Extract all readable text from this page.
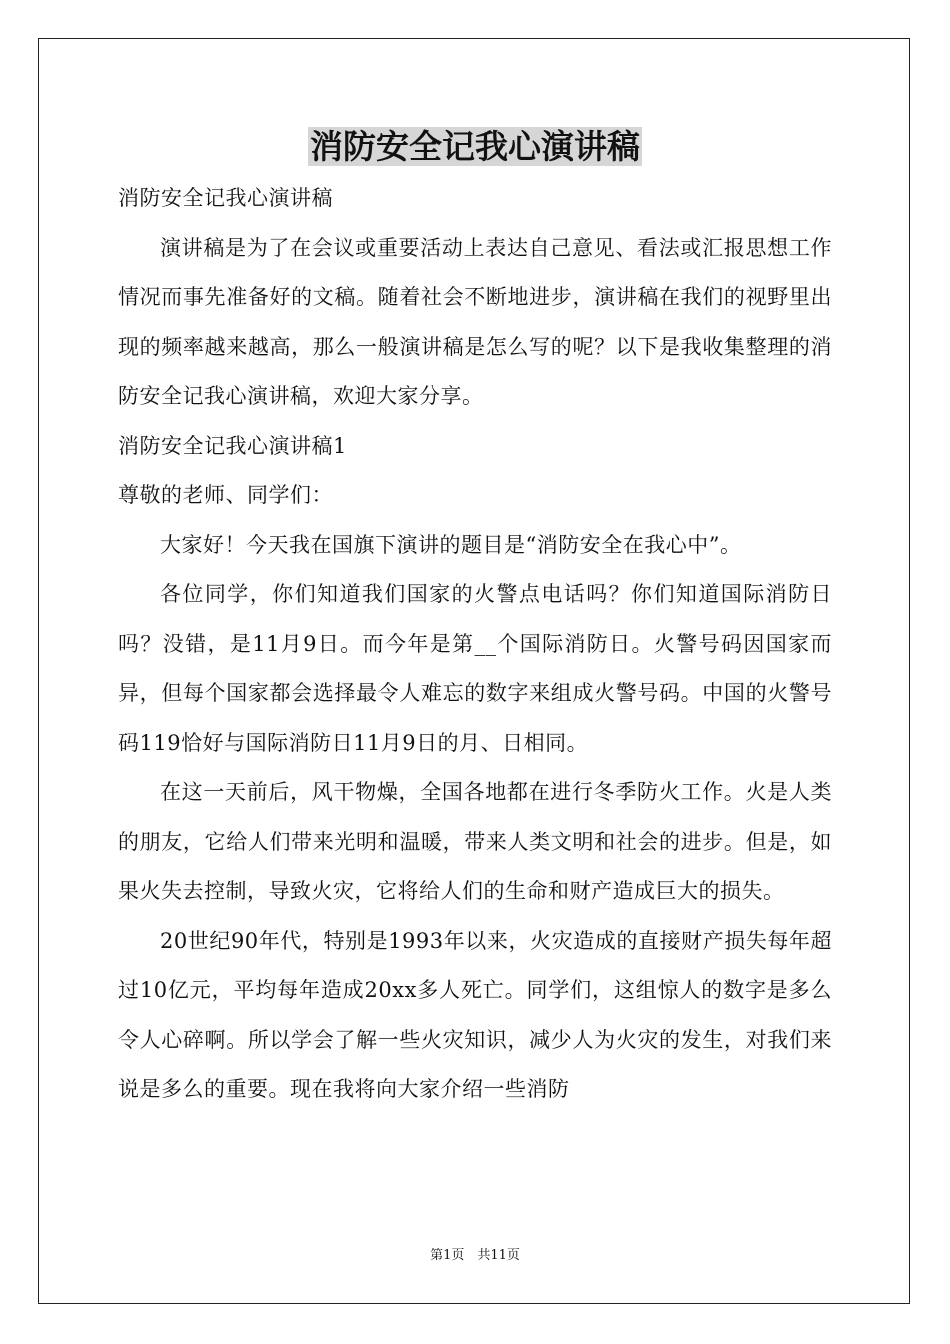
消防安全记我心演讲稿

消防安全记我心演讲稿

演讲稿是为了在会议或重要活动上表达自己意见、看法或汇报思想工作情况而事先准备好的文稿。随着社会不断地进步，演讲稿在我们的视野里出现的频率越来越高，那么一般演讲稿是怎么写的呢？以下是我收集整理的消防安全记我心演讲稿，欢迎大家分享。

消防安全记我心演讲稿1

尊敬的老师、同学们：

大家好！今天我在国旗下演讲的题目是“消防安全在我心中”。

各位同学，你们知道我们国家的火警点电话吗？你们知道国际消防日吗？没错，是11月9日。而今年是第__个国际消防日。火警号码因国家而异，但每个国家都会选择最令人难忘的数字来组成火警号码。中国的火警号码119恰好与国际消防日11月9日的月、日相同。

在这一天前后，风干物燥，全国各地都在进行冬季防火工作。火是人类的朋友，它给人们带来光明和温暖，带来人类文明和社会的进步。但是，如果火失去控制，导致火灾，它将给人们的生命和财产造成巨大的损失。

20世纪90年代，特别是1993年以来，火灾造成的直接财产损失每年超过10亿元，平均每年造成20xx多人死亡。同学们，这组惊人的数字是多么令人心碎啊。所以学会了解一些火灾知识，减少人为火灾的发生，对我们来说是多么的重要。现在我将向大家介绍一些消防

第1页　共11页
